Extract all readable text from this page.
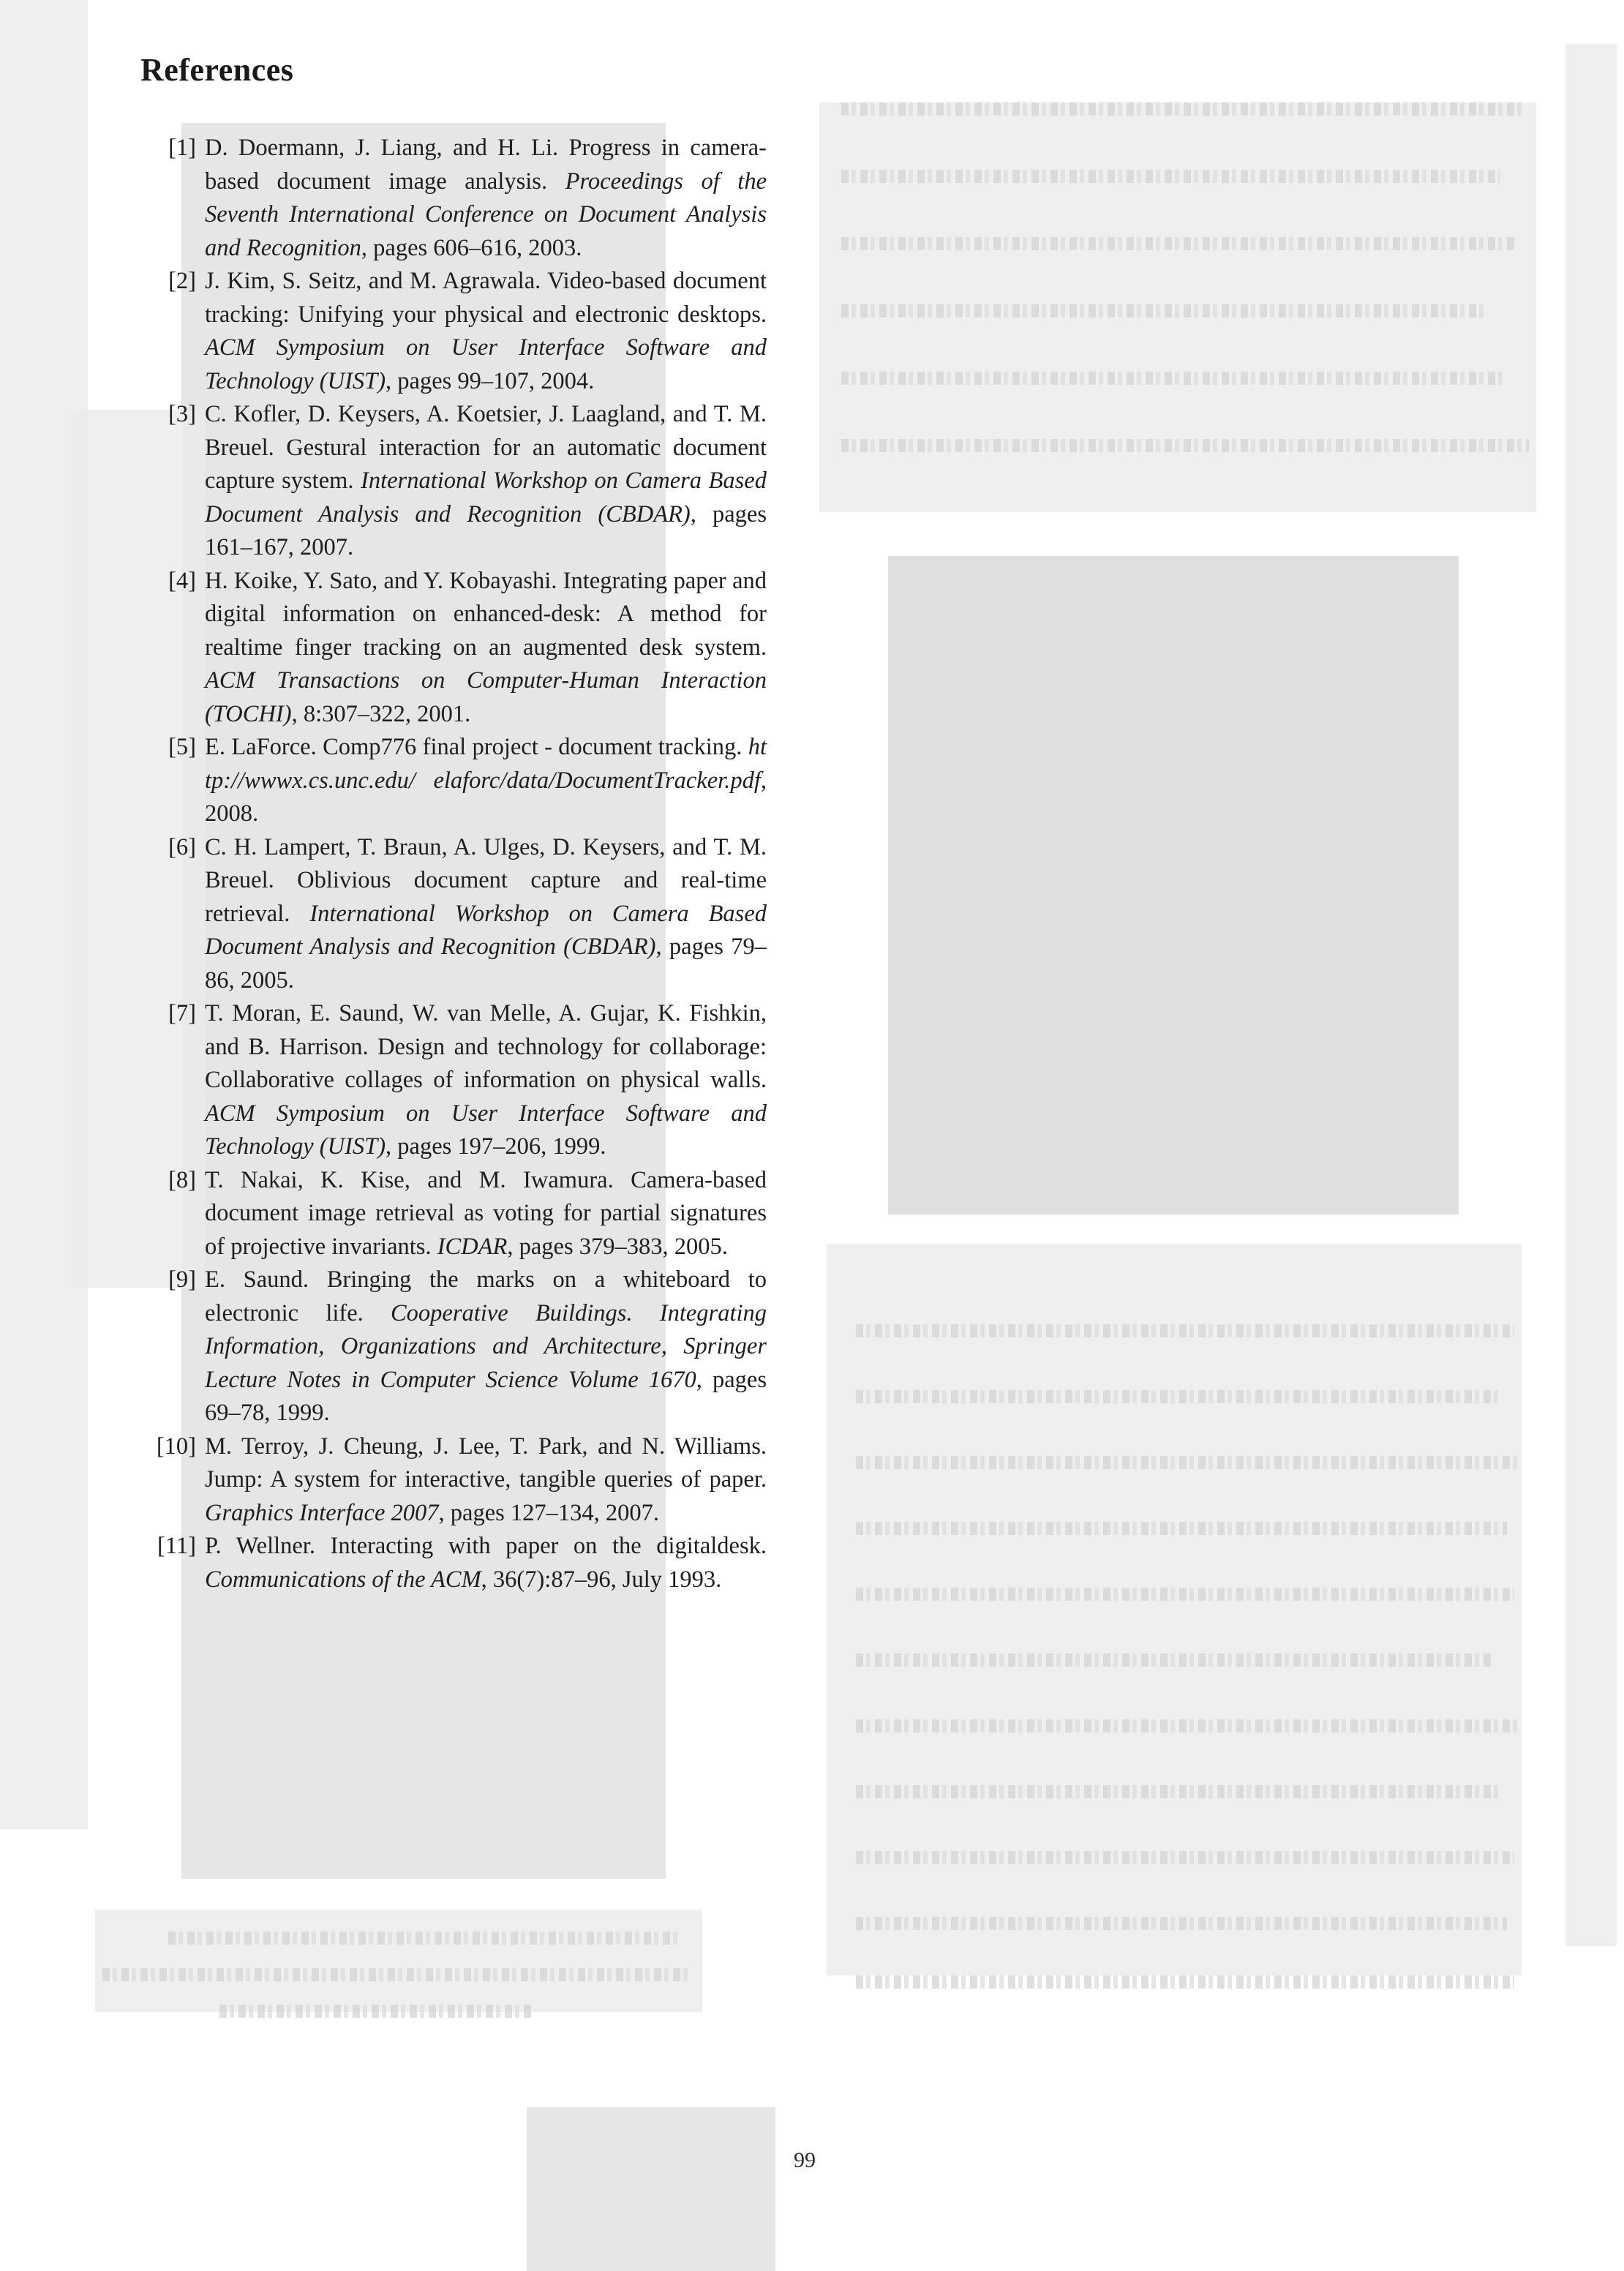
References
[1] D. Doermann, J. Liang, and H. Li. Progress in camera-based document image analysis. Proceedings of the Seventh International Conference on Document Analysis and Recognition, pages 606–616, 2003.
[2] J. Kim, S. Seitz, and M. Agrawala. Video-based document tracking: Unifying your physical and electronic desktops. ACM Symposium on User Interface Software and Technology (UIST), pages 99–107, 2004.
[3] C. Kofler, D. Keysers, A. Koetsier, J. Laagland, and T. M. Breuel. Gestural interaction for an automatic document capture system. International Workshop on Camera Based Document Analysis and Recognition (CBDAR), pages 161–167, 2007.
[4] H. Koike, Y. Sato, and Y. Kobayashi. Integrating paper and digital information on enhanced-desk: A method for realtime finger tracking on an augmented desk system. ACM Transactions on Computer-Human Interaction (TOCHI), 8:307–322, 2001.
[5] E. LaForce. Comp776 final project - document tracking. http://wwwx.cs.unc.edu/ elaforc/data/DocumentTracker.pdf, 2008.
[6] C. H. Lampert, T. Braun, A. Ulges, D. Keysers, and T. M. Breuel. Oblivious document capture and real-time retrieval. International Workshop on Camera Based Document Analysis and Recognition (CBDAR), pages 79–86, 2005.
[7] T. Moran, E. Saund, W. van Melle, A. Gujar, K. Fishkin, and B. Harrison. Design and technology for collaborage: Collaborative collages of information on physical walls. ACM Symposium on User Interface Software and Technology (UIST), pages 197–206, 1999.
[8] T. Nakai, K. Kise, and M. Iwamura. Camera-based document image retrieval as voting for partial signatures of projective invariants. ICDAR, pages 379–383, 2005.
[9] E. Saund. Bringing the marks on a whiteboard to electronic life. Cooperative Buildings. Integrating Information, Organizations and Architecture, Springer Lecture Notes in Computer Science Volume 1670, pages 69–78, 1999.
[10] M. Terroy, J. Cheung, J. Lee, T. Park, and N. Williams. Jump: A system for interactive, tangible queries of paper. Graphics Interface 2007, pages 127–134, 2007.
[11] P. Wellner. Interacting with paper on the digitaldesk. Communications of the ACM, 36(7):87–96, July 1993.
99
